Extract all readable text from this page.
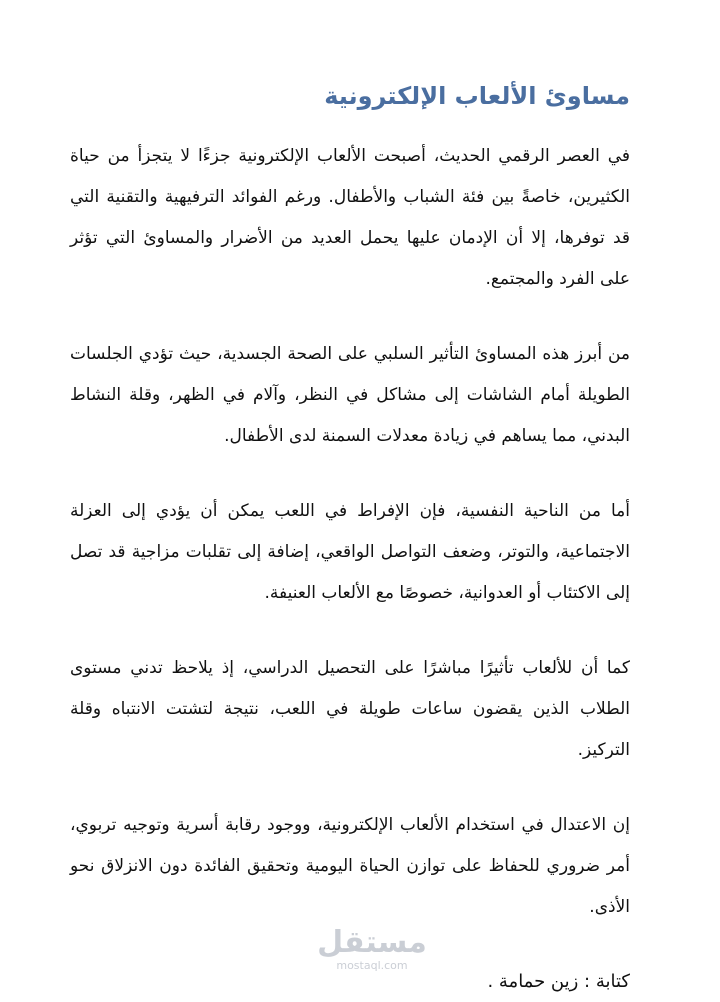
مساوئ الألعاب الإلكترونية

في العصر الرقمي الحديث، أصبحت الألعاب الإلكترونية جزءًا لا يتجزأ من حياة الكثيرين، خاصةً بين فئة الشباب والأطفال. ورغم الفوائد الترفيهية والتقنية التي قد توفرها، إلا أن الإدمان عليها يحمل العديد من الأضرار والمساوئ التي تؤثر على الفرد والمجتمع.

من أبرز هذه المساوئ التأثير السلبي على الصحة الجسدية، حيث تؤدي الجلسات الطويلة أمام الشاشات إلى مشاكل في النظر، وآلام في الظهر، وقلة النشاط البدني، مما يساهم في زيادة معدلات السمنة لدى الأطفال.

أما من الناحية النفسية، فإن الإفراط في اللعب يمكن أن يؤدي إلى العزلة الاجتماعية، والتوتر، وضعف التواصل الواقعي، إضافة إلى تقلبات مزاجية قد تصل إلى الاكتئاب أو العدوانية، خصوصًا مع الألعاب العنيفة.

كما أن للألعاب تأثيرًا مباشرًا على التحصيل الدراسي، إذ يلاحظ تدني مستوى الطلاب الذين يقضون ساعات طويلة في اللعب، نتيجة لتشتت الانتباه وقلة التركيز.

إن الاعتدال في استخدام الألعاب الإلكترونية، ووجود رقابة أسرية وتوجيه تربوي، أمر ضروري للحفاظ على توازن الحياة اليومية وتحقيق الفائدة دون الانزلاق نحو الأذى.

كتابة : زين حمامة .
مستقل
mostaql.com
